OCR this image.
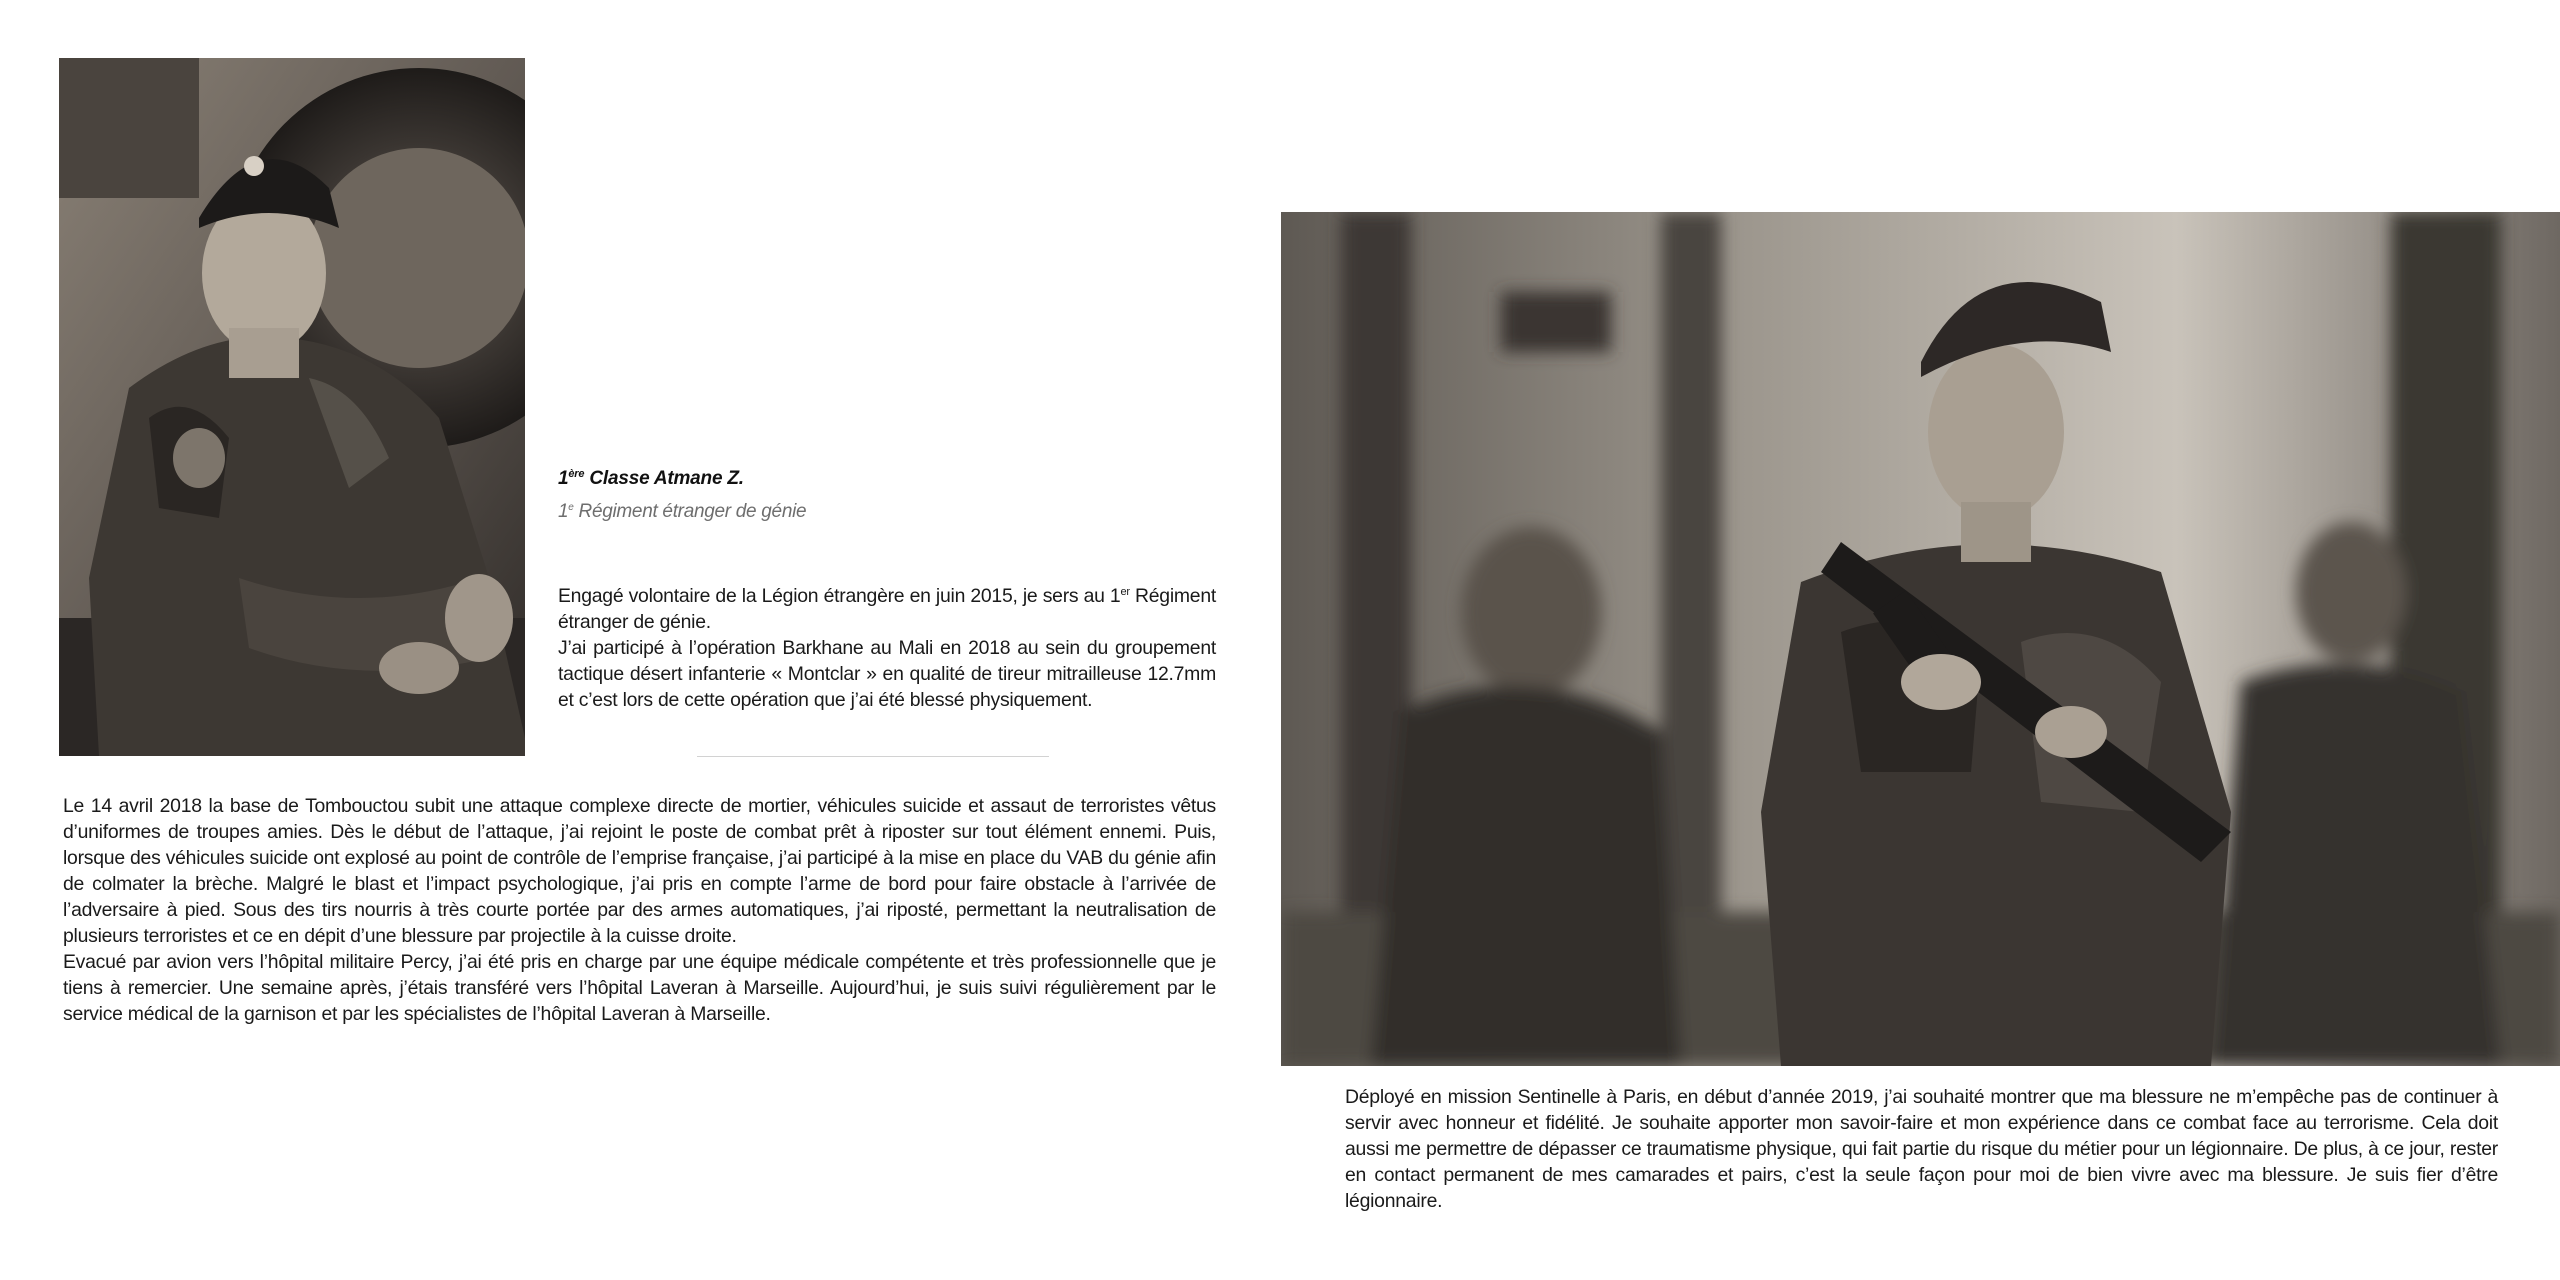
1ère Classe Atmane Z.
1e Régiment étranger de génie

Engagé volontaire de la Légion étrangère en juin 2015, je sers au 1er Régiment étranger de génie.

J’ai participé à l’opération Barkhane au Mali en 2018 au sein du groupement tactique désert infanterie « Montclar » en qualité de tireur mitrailleuse 12.7mm et c’est lors de cette opération que j’ai été blessé physiquement.

Le 14 avril 2018 la base de Tombouctou subit une attaque complexe directe de mortier, véhicules suicide et assaut de terroristes vêtus d’uniformes de troupes amies. Dès le début de l’attaque, j’ai rejoint le poste de combat prêt à riposter sur tout élément ennemi. Puis, lorsque des véhicules suicide ont explosé au point de contrôle de l’emprise française, j’ai participé à la mise en place du VAB du génie afin de colmater la brèche. Malgré le blast et l’impact psychologique, j’ai pris en compte l’arme de bord pour faire obstacle à l’arrivée de l’adversaire à pied. Sous des tirs nourris à très courte portée par des armes automatiques, j’ai riposté, permettant la neutralisation de plusieurs terroristes et ce en dépit d’une blessure par projectile à la cuisse droite.

Evacué par avion vers l’hôpital militaire Percy, j’ai été pris en charge par une équipe médicale compétente et très professionnelle que je tiens à remercier. Une semaine après, j’étais transféré vers l’hôpital Laveran à Marseille. Aujourd’hui, je suis suivi régulièrement par le service médical de la garnison et par les spécialistes de l’hôpital Laveran à Marseille.

Déployé en mission Sentinelle à Paris, en début d’année 2019, j’ai souhaité montrer que ma blessure ne m’empêche pas de continuer à servir avec honneur et fidélité. Je souhaite apporter mon savoir-faire et mon expérience dans ce combat face au terrorisme. Cela doit aussi me permettre de dépasser ce traumatisme physique, qui fait partie du risque du métier pour un légionnaire. De plus, à ce jour, rester en contact permanent de mes camarades et pairs, c’est la seule façon pour moi de bien vivre avec ma blessure. Je suis fier d’être légionnaire.
